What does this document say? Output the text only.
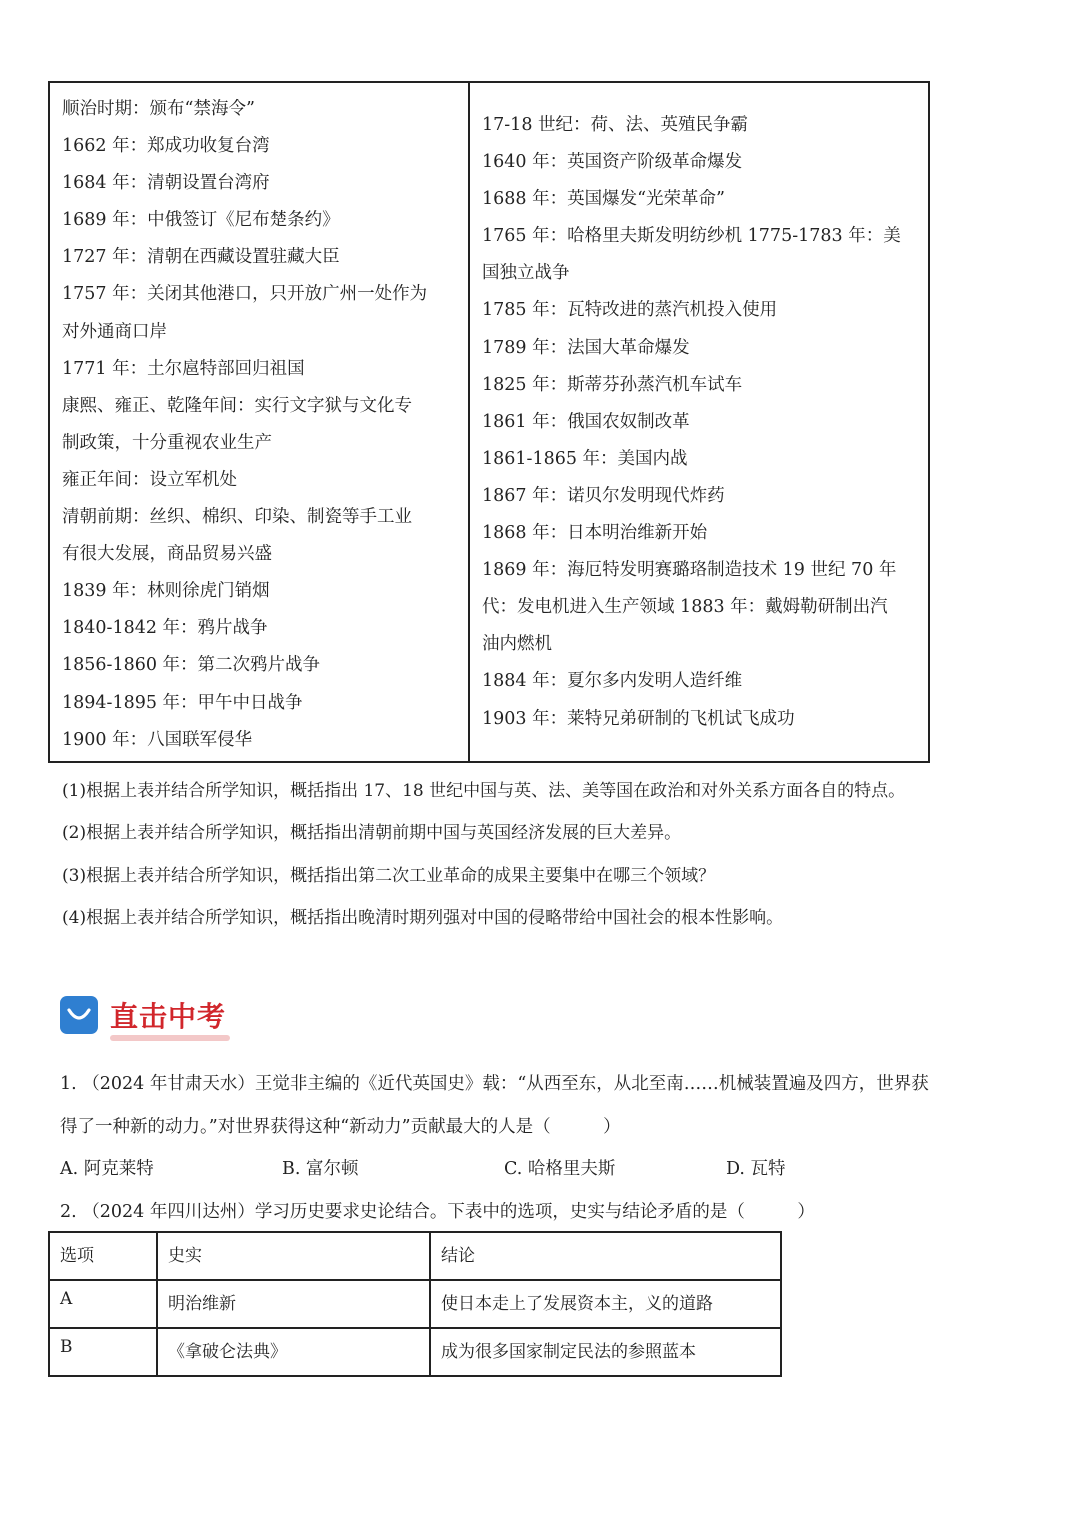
顺治时期：颁布“禁海令”
1662 年：郑成功收复台湾
1684 年：清朝设置台湾府
1689 年：中俄签订《尼布楚条约》
1727 年：清朝在西藏设置驻藏大臣
1757 年：关闭其他港口，只开放广州一处作为
对外通商口岸
1771 年：土尔扈特部回归祖国
康熙、雍正、乾隆年间：实行文字狱与文化专
制政策，十分重视农业生产
雍正年间：设立军机处
清朝前期：丝织、棉织、印染、制瓷等手工业
有很大发展，商品贸易兴盛
1839 年：林则徐虎门销烟
1840-1842 年：鸦片战争
1856-1860 年：第二次鸦片战争
1894-1895 年：甲午中日战争
1900 年：八国联军侵华
17-18 世纪：荷、法、英殖民争霸
1640 年：英国资产阶级革命爆发
1688 年：英国爆发“光荣革命”
1765 年：哈格里夫斯发明纺纱机 1775-1783 年：美
国独立战争
1785 年：瓦特改进的蒸汽机投入使用
1789 年：法国大革命爆发
1825 年：斯蒂芬孙蒸汽机车试车
1861 年：俄国农奴制改革
1861-1865 年：美国内战
1867 年：诺贝尔发明现代炸药
1868 年：日本明治维新开始
1869 年：海厄特发明赛璐珞制造技术 19 世纪 70 年
代：发电机进入生产领域 1883 年：戴姆勒研制出汽
油内燃机
1884 年：夏尔多内发明人造纤维
1903 年：莱特兄弟研制的飞机试飞成功
(1)根据上表并结合所学知识，概括指出 17、18 世纪中国与英、法、美等国在政治和对外关系方面各自的特点。
(2)根据上表并结合所学知识，概括指出清朝前期中国与英国经济发展的巨大差异。
(3)根据上表并结合所学知识，概括指出第二次工业革命的成果主要集中在哪三个领域？
(4)根据上表并结合所学知识，概括指出晚清时期列强对中国的侵略带给中国社会的根本性影响。
直击中考
1. （2024 年甘肃天水）王觉非主编的《近代英国史》载：“从西至东，从北至南……机械装置遍及四方，世界获
得了一种新的动力。”对世界获得这种“新动力”贡献最大的人是（　　　）
A. 阿克莱特	B. 富尔顿	C. 哈格里夫斯	D. 瓦特
2. （2024 年四川达州）学习历史要求史论结合。下表中的选项，史实与结论矛盾的是（　　　）
选项	史实	结论
A	明治维新	使日本走上了发展资本主，义的道路
B	《拿破仑法典》	成为很多国家制定民法的参照蓝本
